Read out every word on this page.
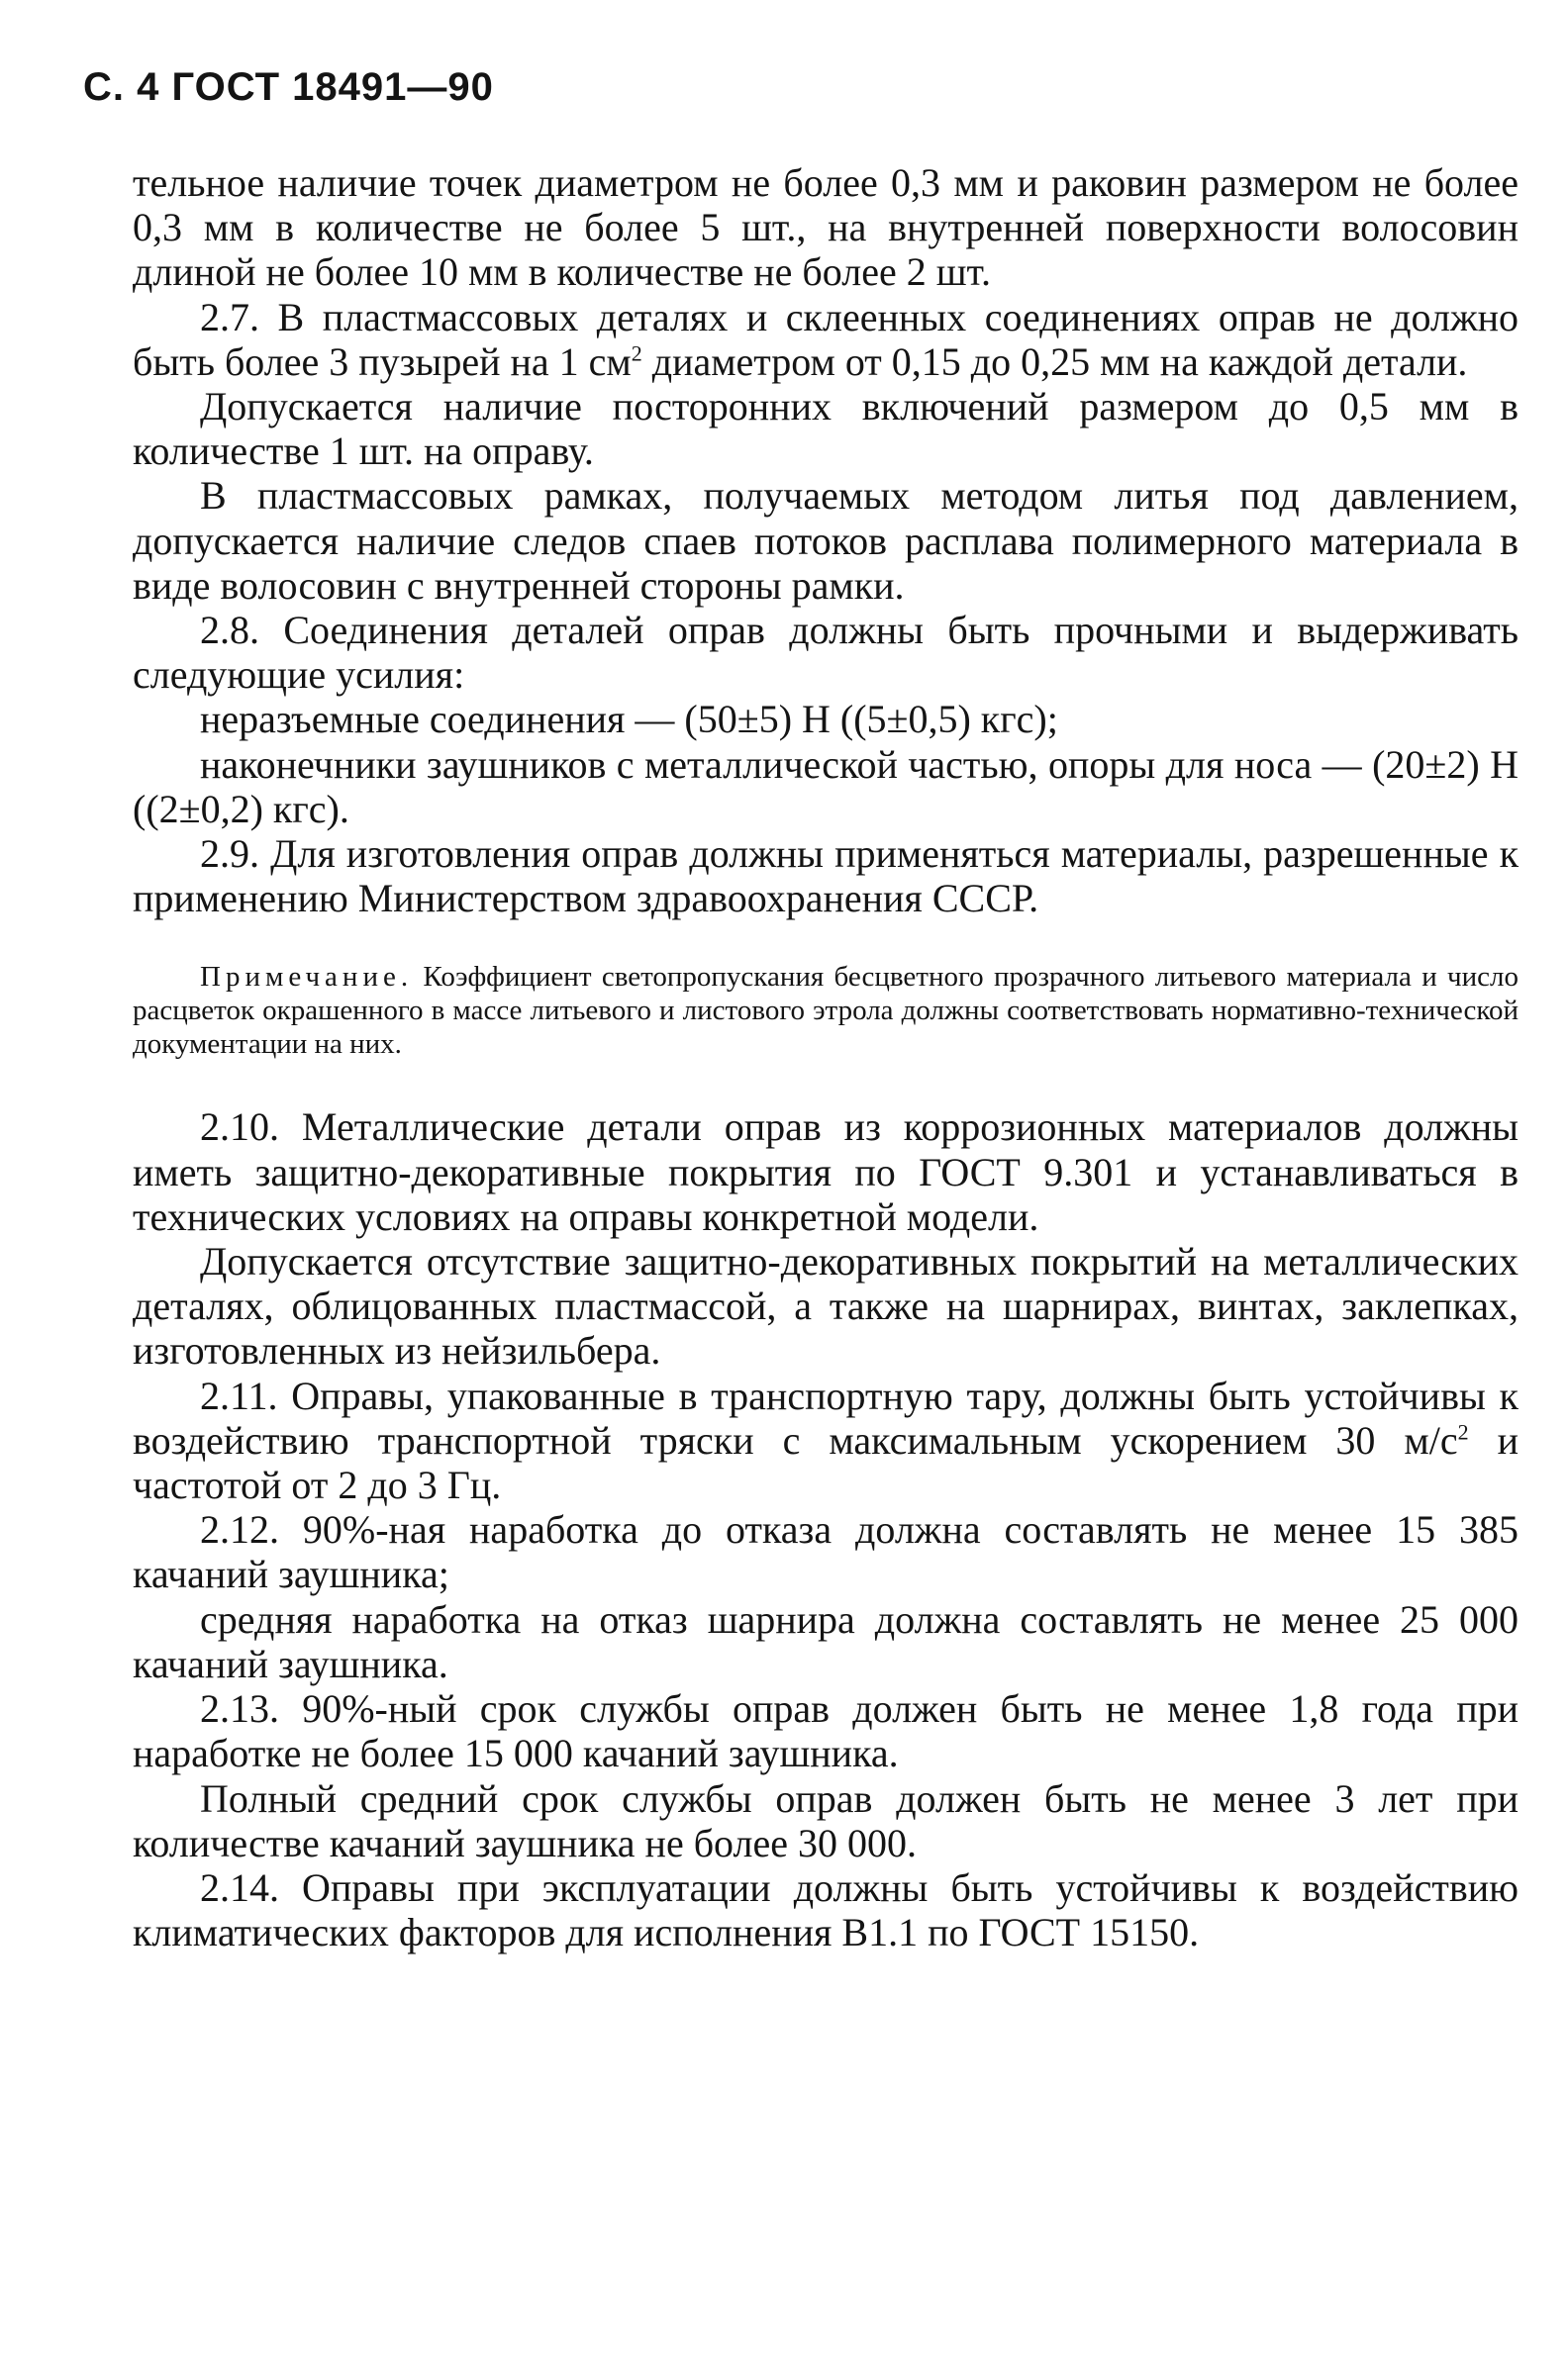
С. 4 ГОСТ 18491—90

тельное наличие точек диаметром не более 0,3 мм и раковин размером не более 0,3 мм в количестве не более 5 шт., на внутренней поверхности волосовин длиной не более 10 мм в количестве не более 2 шт.

2.7. В пластмассовых деталях и склеенных соединениях оправ не должно быть более 3 пузырей на 1 $см^2$ диаметром от 0,15 до 0,25 мм на каждой детали.

Допускается наличие посторонних включений размером до 0,5 мм в количестве 1 шт. на оправу.

В пластмассовых рамках, получаемых методом литья под давлением, допускается наличие следов спаев потоков расплава полимерного материала в виде волосовин с внутренней стороны рамки.

2.8. Соединения деталей оправ должны быть прочными и выдерживать следующие усилия:

неразъемные соединения — (50±5) Н ((5±0,5) кгс);

наконечники заушников с металлической частью, опоры для носа — (20±2) Н ((2±0,2) кгс).

2.9. Для изготовления оправ должны применяться материалы, разрешенные к применению Министерством здравоохранения СССР.

Примечание. Коэффициент светопропускания бесцветного прозрачного литьевого материала и число расцветок окрашенного в массе литьевого и листового этрола должны соответствовать нормативно-технической документации на них.

2.10. Металлические детали оправ из коррозионных материалов должны иметь защитно-декоративные покрытия по ГОСТ 9.301 и устанавливаться в технических условиях на оправы конкретной модели.

Допускается отсутствие защитно-декоративных покрытий на металлических деталях, облицованных пластмассой, а также на шарнирах, винтах, заклепках, изготовленных из нейзильбера.

2.11. Оправы, упакованные в транспортную тару, должны быть устойчивы к воздействию транспортной тряски с максимальным ускорением 30 $м/с^2$ и частотой от 2 до 3 Гц.

2.12. 90%-ная наработка до отказа должна составлять не менее 15 385 качаний заушника;

средняя наработка на отказ шарнира должна составлять не менее 25 000 качаний заушника.

2.13. 90%-ный срок службы оправ должен быть не менее 1,8 года при наработке не более 15 000 качаний заушника.

Полный средний срок службы оправ должен быть не менее 3 лет при количестве качаний заушника не более 30 000.

2.14. Оправы при эксплуатации должны быть устойчивы к воздействию климатических факторов для исполнения В1.1 по ГОСТ 15150.
